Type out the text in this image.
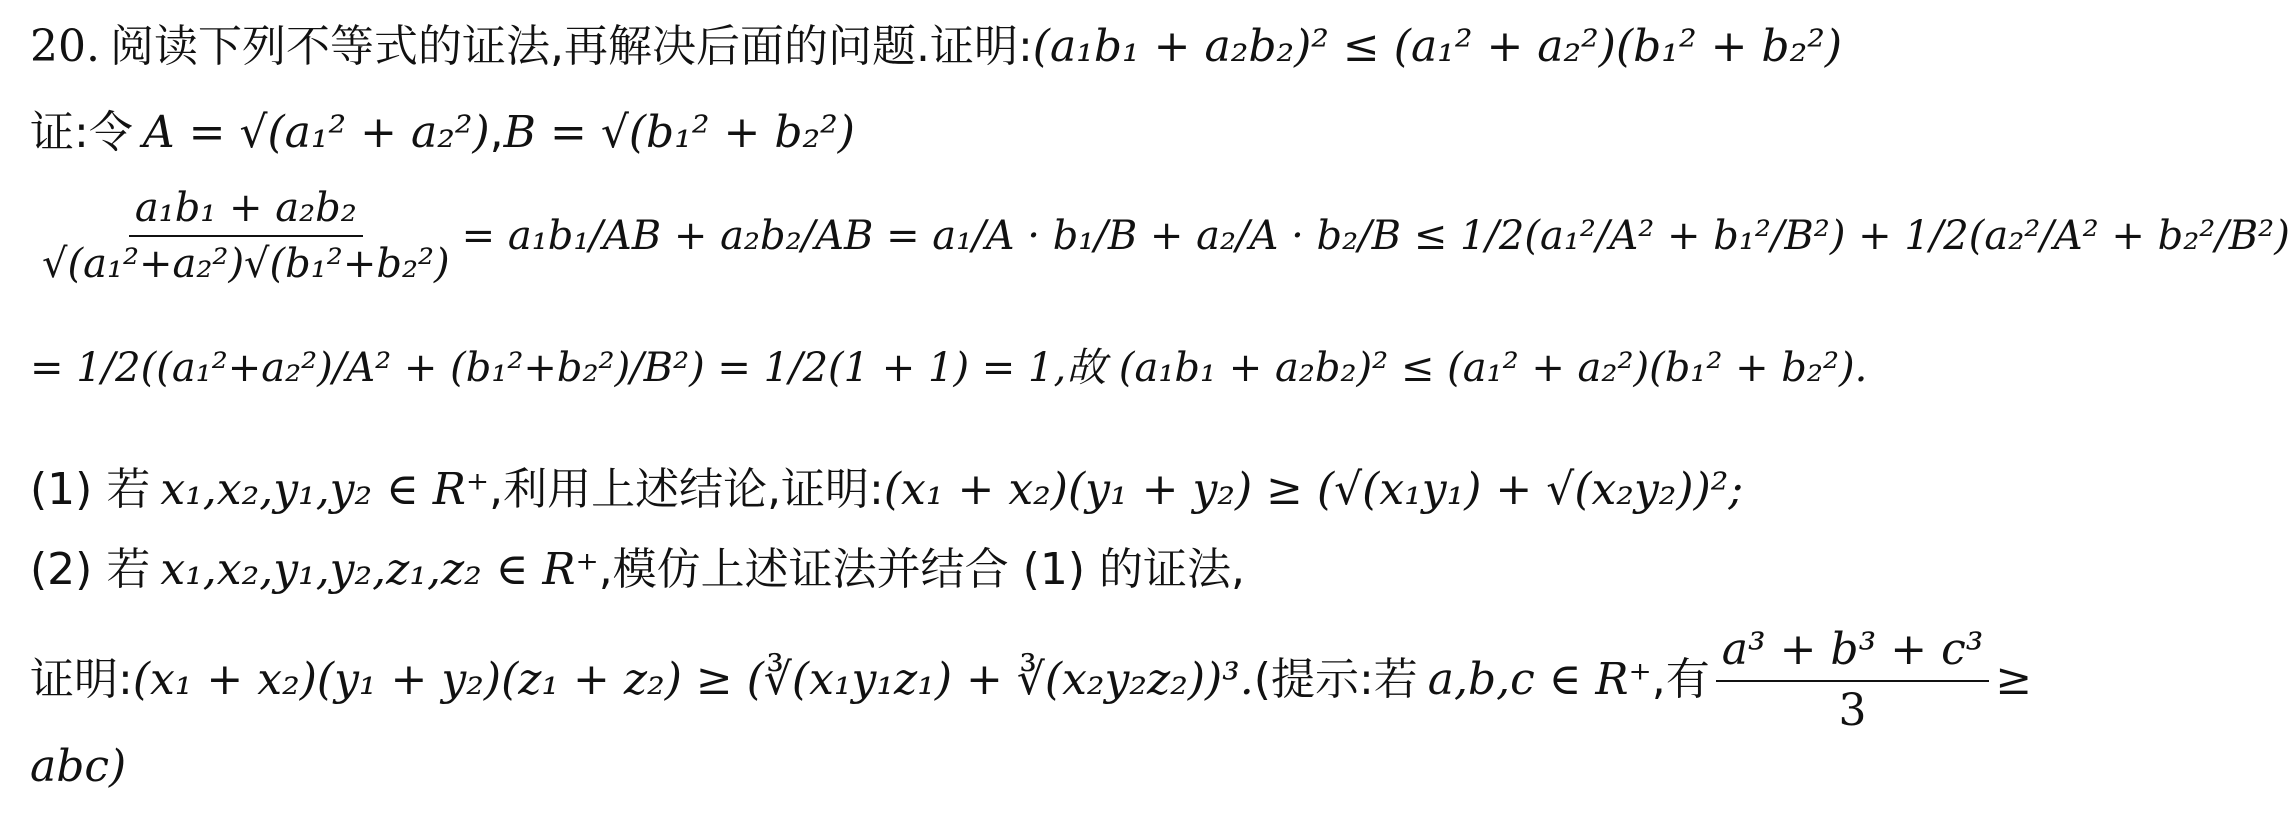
20. 阅读下列不等式的证法,再解决后面的问题.证明: (a₁b₁ + a₂b₂)² ≤ (a₁² + a₂²)(b₁² + b₂²)
证:令 A = √(a₁² + a₂²) , B = √(b₁² + b₂²)
$\frac{\text{a₁b₁ + a₂b₂}}{\text{√(a₁²+a₂²)√(b₁²+b₂²)}} = a_1b_1/AB + a_2b_2/AB = a_1/A \cdot b_1/B + a_2/A \cdot b_2/B \le 1/2(a_1^2/A^2 + b_1^2/B^2) + 1/2(a_2^2/A^2 + b_2^2/B^2)$
= 1/2((a₁²+a₂²)/A² + (b₁²+b₂²)/B²) = 1/2(1 + 1) = 1,故 (a₁b₁ + a₂b₂)² ≤ (a₁² + a₂²)(b₁² + b₂²).
(1) 若 x₁,x₂,y₁,y₂ ∈ R⁺ ,利用上述结论,证明: (x₁ + x₂)(y₁ + y₂) ≥ (√(x₁y₁) + √(x₂y₂))²;
(2) 若 x₁,x₂,y₁,y₂,z₁,z₂ ∈ R⁺ ,模仿上述证法并结合 (1) 的证法,
证明: (x₁ + x₂)(y₁ + y₂)(z₁ + z₂) ≥ (∛(x₁y₁z₁) + ∛(x₂y₂z₂))³. (提示:若 a,b,c ∈ R⁺ ,有 $\frac{\text{a³ + b³ + c³}}{3}$ ≥
abc)
